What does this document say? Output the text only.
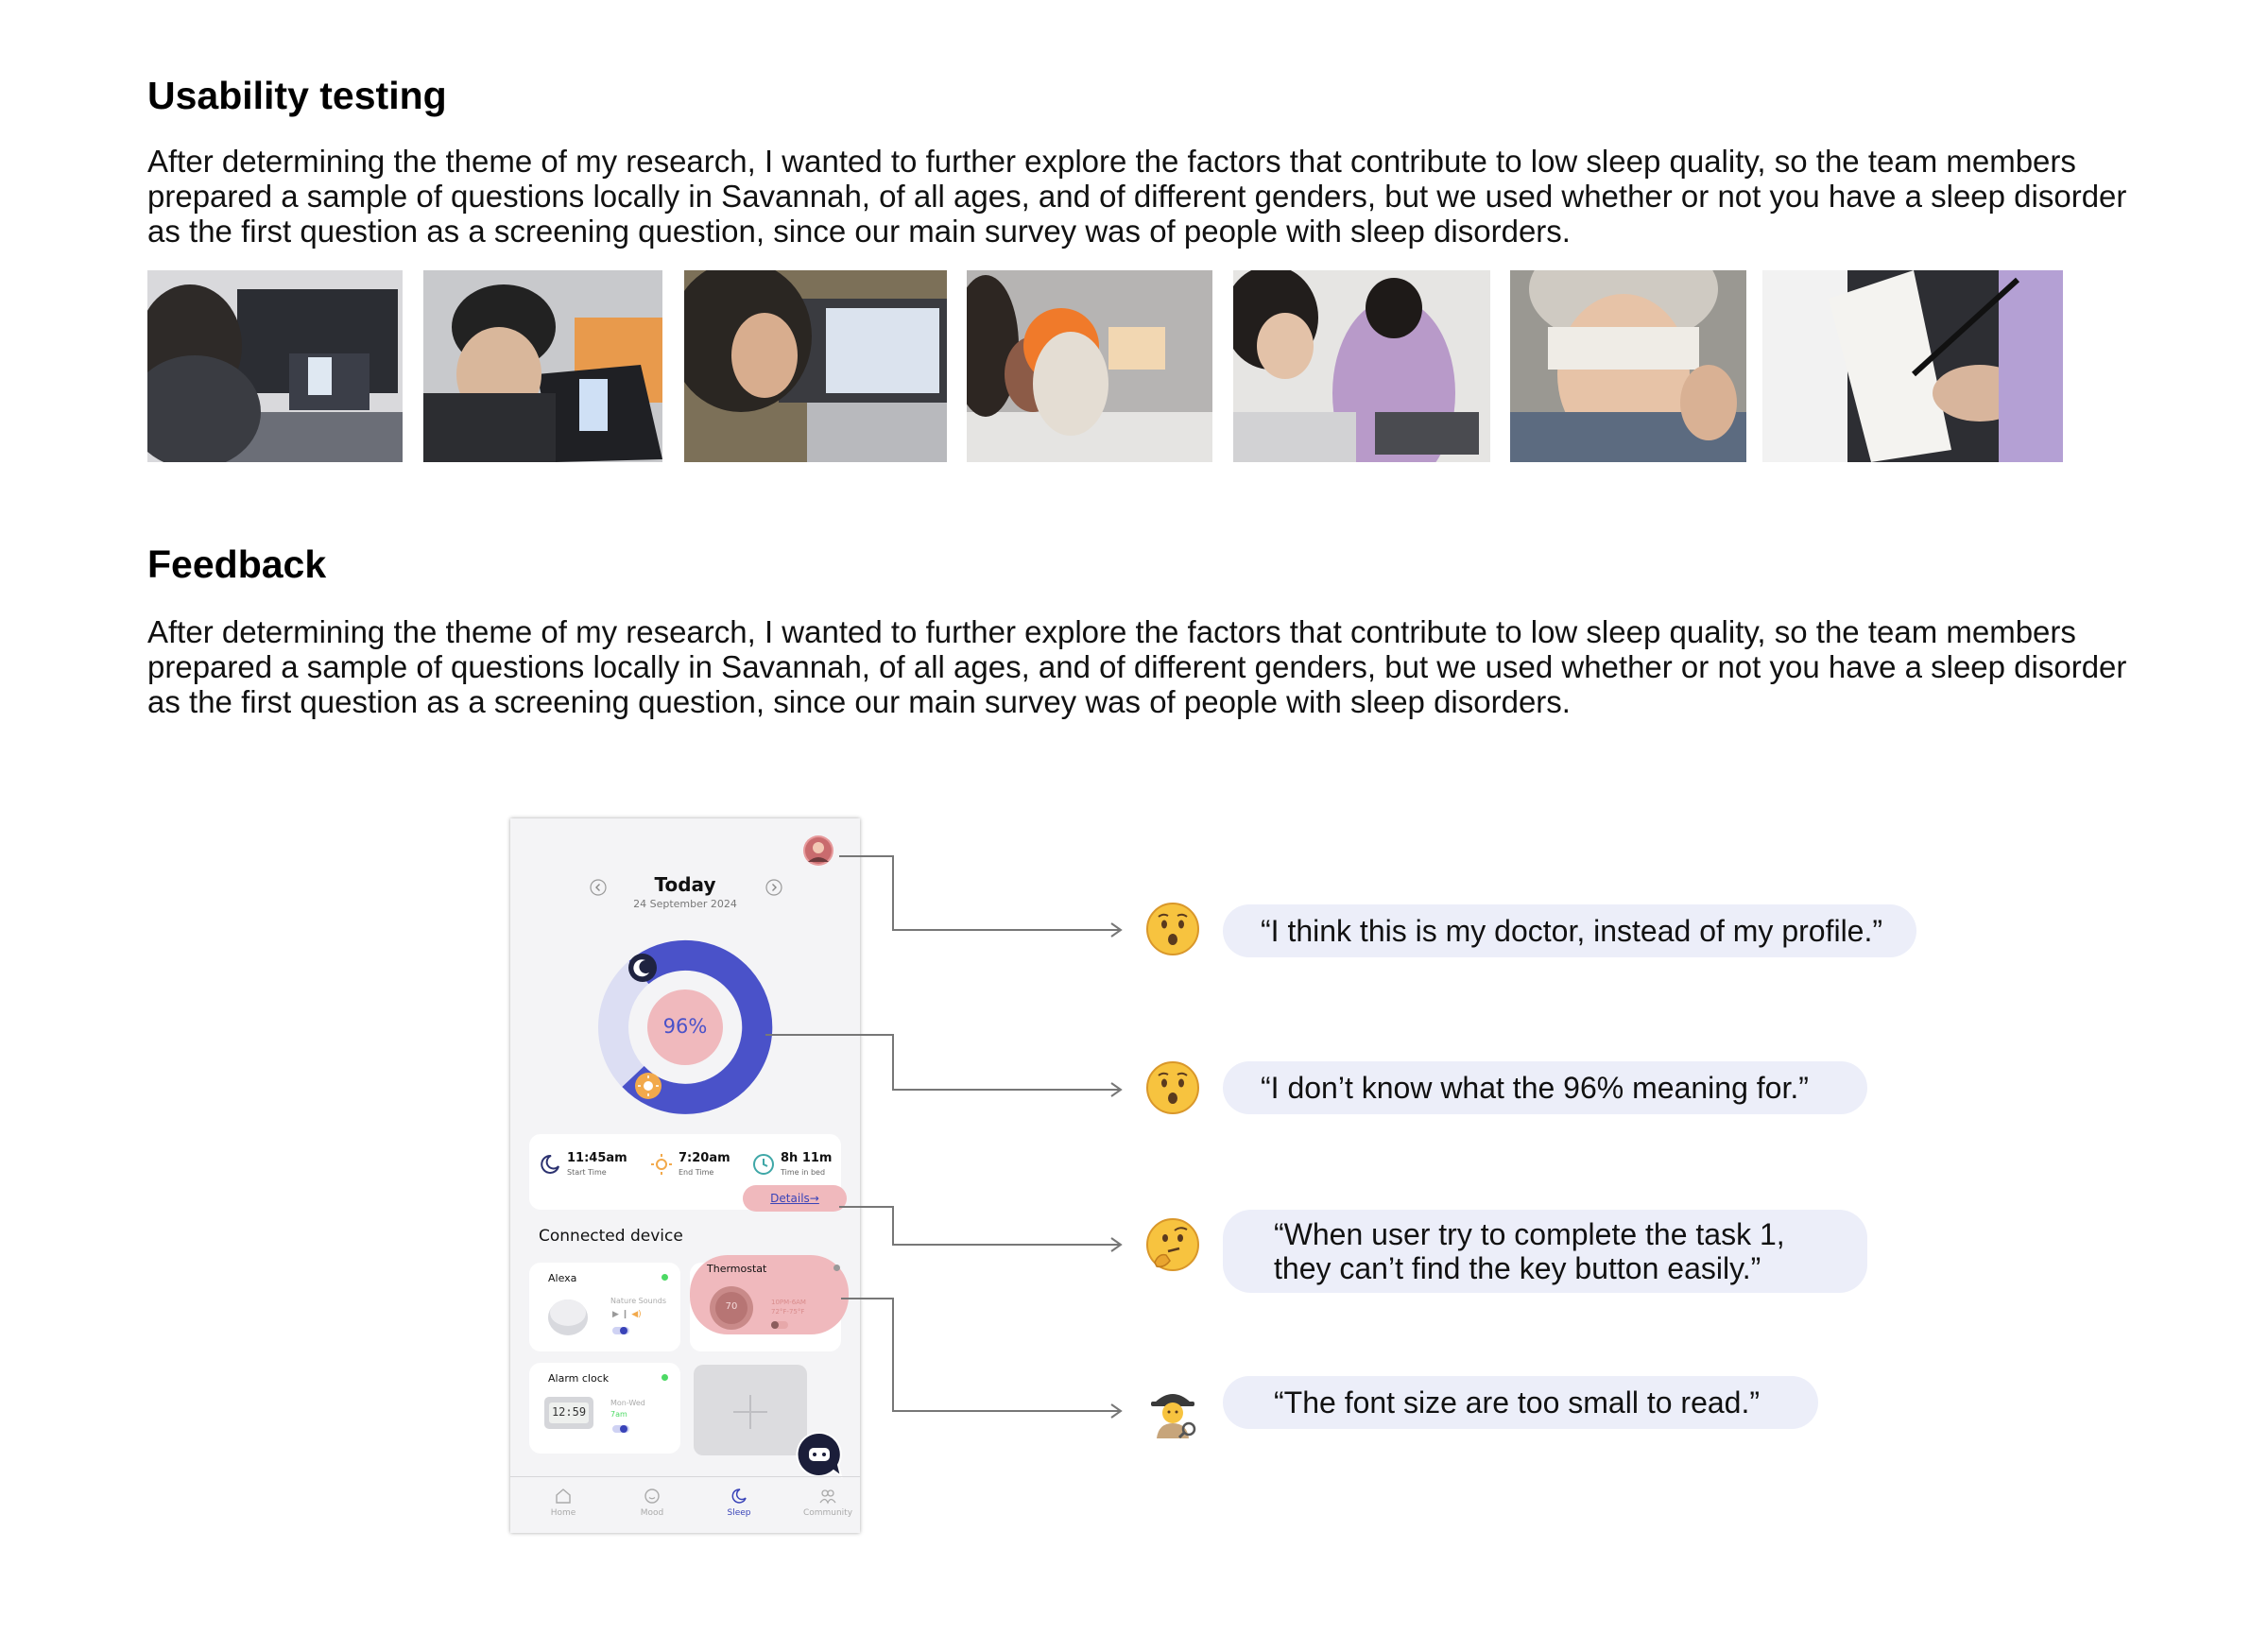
Usability testing
After determining the theme of my research, I wanted to further explore the factors that contribute to low sleep quality, so the team members prepared a sample of questions locally in Savannah, of all ages, and of different genders, but we used whether or not you have a sleep disorder as the first question as a screening question, since our main survey was of people with sleep disorders.
Feedback
After determining the theme of my research, I wanted to further explore the factors that contribute to low sleep quality, so the team members prepared a sample of questions locally in Savannah, of all ages, and of different genders, but we used whether or not you have a sleep disorder as the first question as a screening question, since our main survey was of people with sleep disorders.
Today
24 September 2024
96%
11:45am
Start Time
7:20am
End Time
8h 11m
Time in bed
Details→
Connected device
Alexa
Nature Sounds
▶ ❙ ◀)
Thermostat
70	10PM-6AM
72°F-75°F
Alarm clock
12:59
Mon-Wed
7am
Home	Mood	Sleep	Community
“I think this is my doctor, instead of my profile.”
“I don’t know what the 96% meaning for.”
“When user try to complete the task 1,
they can’t find the key button easily.”
“The font size are too small to read.”
